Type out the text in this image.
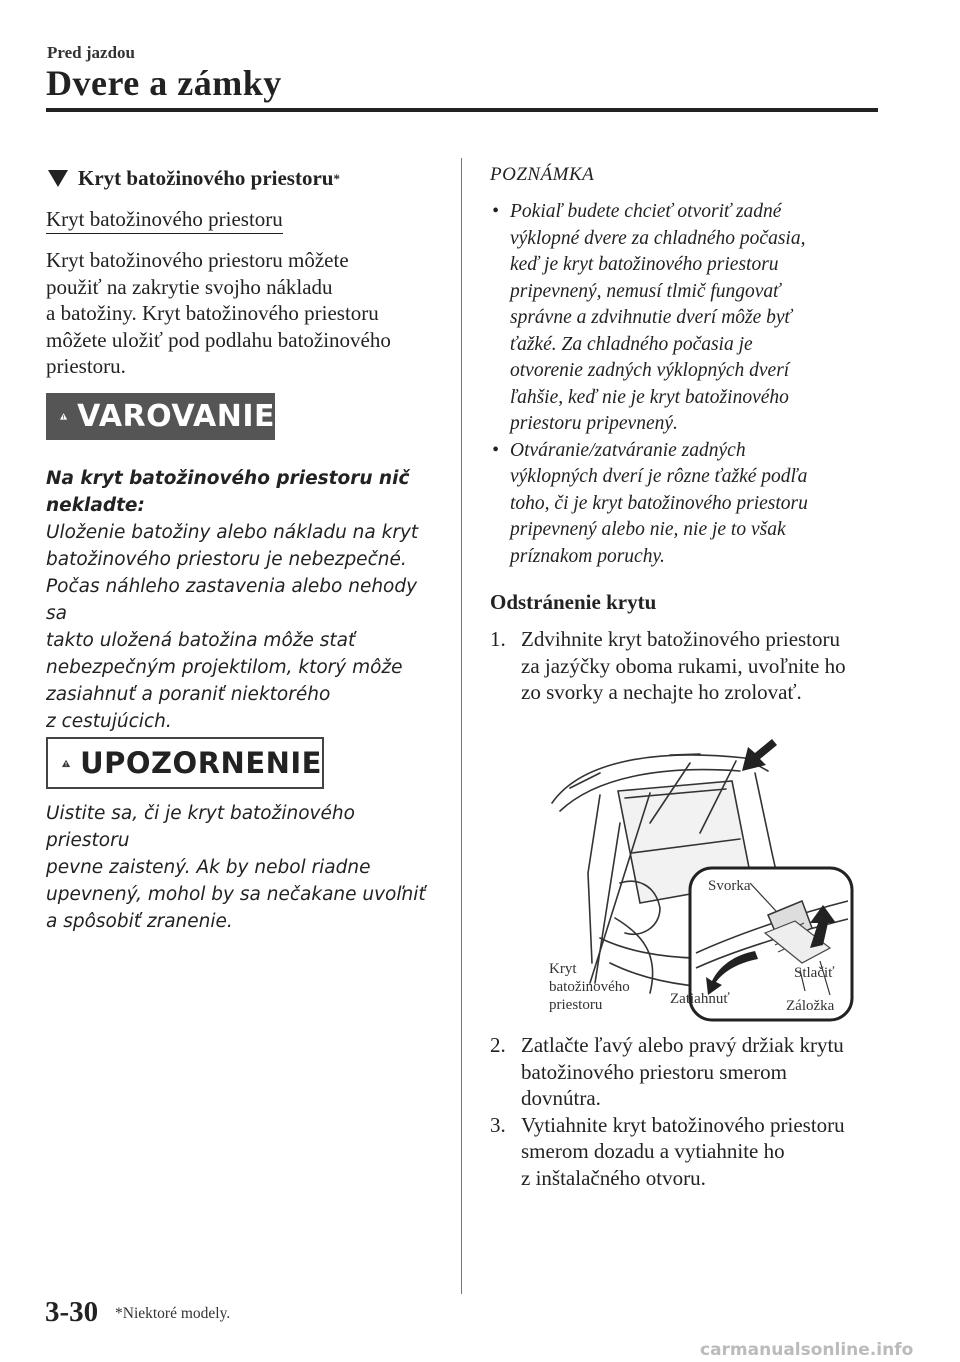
Pred jazdou
Dvere a zámky
Kryt batožinového priestoru *
Kryt batožinového priestoru
Kryt batožinového priestoru môžete
použiť na zakrytie svojho nákladu
a batožiny. Kryt batožinového priestoru
môžete uložiť pod podlahu batožinového
priestoru.
VAROVANIE
Na kryt batožinového priestoru nič
nekladte:
Uloženie batožiny alebo nákladu na kryt
batožinového priestoru je nebezpečné.
Počas náhleho zastavenia alebo nehody sa
takto uložená batožina môže stať
nebezpečným projektilom, ktorý môže
zasiahnuť a poraniť niektorého
z cestujúcich.
UPOZORNENIE
Uistite sa, či je kryt batožinového priestoru
pevne zaistený. Ak by nebol riadne
upevnený, mohol by sa nečakane uvoľniť
a spôsobiť zranenie.
POZNÁMKA
• Pokiaľ budete chcieť otvoriť zadné
výklopné dvere za chladného počasia,
keď je kryt batožinového priestoru
pripevnený, nemusí tlmič fungovať
správne a zdvihnutie dverí môže byť
ťažké. Za chladného počasia je
otvorenie zadných výklopných dverí
ľahšie, keď nie je kryt batožinového
priestoru pripevnený.
• Otváranie/zatváranie zadných
výklopných dverí je rôzne ťažké podľa
toho, či je kryt batožinového priestoru
pripevnený alebo nie, nie je to však
príznakom poruchy.
Odstránenie krytu
1. Zdvihnite kryt batožinového priestoru
za jazýčky oboma rukami, uvoľnite ho
zo svorky a nechajte ho zrolovať.
Svorka
Kryt
batožinového
priestoru	Zatiahnuť
Stlačiť
Záložka
2. Zatlačte ľavý alebo pravý držiak krytu
batožinového priestoru smerom
dovnútra.
3. Vytiahnite kryt batožinového priestoru
smerom dozadu a vytiahnite ho
z inštalačného otvoru.
3-30 *Niektoré modely.
carmanualsonline.info
